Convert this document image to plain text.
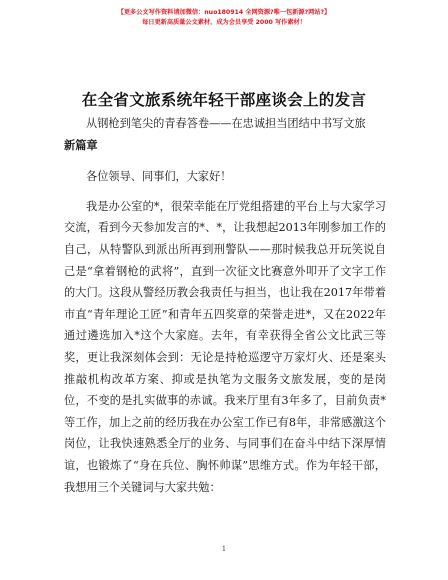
【更多公文写作资料请加微信：nuo180914 全网资源?唯一包新源?网站?】
每日更新高质量公文素材，成为会员享受 2000 写作素材！
在全省文旅系统年轻干部座谈会上的发言

从钢枪到笔尖的青春答卷——在忠诚担当团结中书写文旅

新篇章

各位领导、同事们，大家好！

我是办公室的*，很荣幸能在厅党组搭建的平台上与大家学习交流，看到今天参加发言的*、*，让我想起2013年刚参加工作的自己，从特警队到派出所再到刑警队——那时候我总开玩笑说自己是“拿着钢枪的武将”，直到一次征文比赛意外叩开了文字工作的大门。这段从警经历教会我责任与担当，也让我在2017年带着市直“青年理论工匠”和青年五四奖章的荣誉走进*，又在2022年通过遴选加入*这个大家庭。去年，有幸获得全省公文比武三等奖，更让我深刻体会到：无论是持枪巡逻守万家灯火、还是案头推敲机构改革方案、抑或是执笔为文服务文旅发展，变的是岗位，不变的是扎实做事的赤诚。我来厅里有3年多了，目前负责*等工作，加上之前的经历我在办公室工作已有8年，非常感激这个岗位，让我快速熟悉全厅的业务、与同事们在奋斗中结下深厚情谊，也锻炼了“身在兵位、胸怀帅谋”思维方式。作为年轻干部，我想用三个关键词与大家共勉：

1
